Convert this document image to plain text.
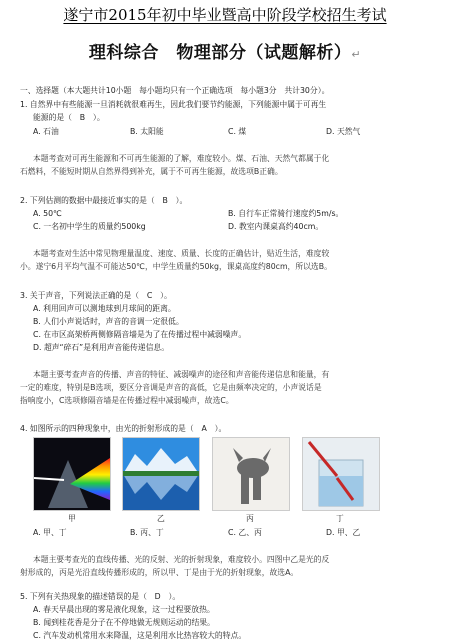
遂宁市2015年初中毕业暨高中阶段学校招生考试
理科综合　物理部分（试题解析）↵
一、选择题（本大题共计10小题　每小题均只有一个正确选项　每小题3分　共计30分）。
1. 自然界中有些能源一旦消耗就很难再生，因此我们要节约能源，下列能源中属于可再生
能源的是（　B　）。
A. 石油	B. 太阳能	C. 煤	D. 天然气
本题考查对可再生能源和不可再生能源的了解，难度较小。煤、石油、天然气都属于化
石燃料，不能短时期从自然界得到补充，属于不可再生能源，故选项B正确。
2. 下列估测的数据中最接近事实的是（　B　）。
A. 50℃	B. 自行车正常骑行速度约5m/s。
C. 一名初中学生的质量约500kg	D. 教室内课桌高约40cm。
本题考查对生活中常见物理量温度、速度、质量、长度的正确估计，贴近生活，难度较
小。遂宁6月平均气温不可能达50℃，中学生质量约50kg，课桌高度约80cm，所以选B。
3. 关于声音，下列说法正确的是（　C　）。
A. 利用回声可以测地球到月球间的距离。
B. 人们小声说话时，声音的音调一定很低。
C. 在市区高架桥两侧修隔音墙是为了在传播过程中减弱噪声。
D. 超声“碎石”是利用声音能传递信息。
本题主要考查声音的传播、声音的特征、减弱噪声的途径和声音能传递信息和能量，有
一定的难度，特别是B选项，要区分音调是声音的高低，它是由频率决定的，小声说话是
指响度小，C选项修隔音墙是在传播过程中减弱噪声，故选C。
4. 如图所示的四种现象中，由光的折射形成的是（　A　）。
甲	乙	丙	丁
A. 甲、丁	B. 丙、丁	C. 乙、丙	D. 甲、乙
本题主要考查光的直线传播、光的反射、光的折射现象，难度较小。四图中乙是光的反
射形成的，丙是光沿直线传播形成的，所以甲、丁是由于光的折射现象，故选A。
5. 下列有关热现象的描述错误的是（　D　）。
A. 春天早晨出现的雾是液化现象，这一过程要放热。
B. 闻到桂花香是分子在不停地做无规则运动的结果。
C. 汽车发动机常用水来降温，这是利用水比热容较大的特点。
